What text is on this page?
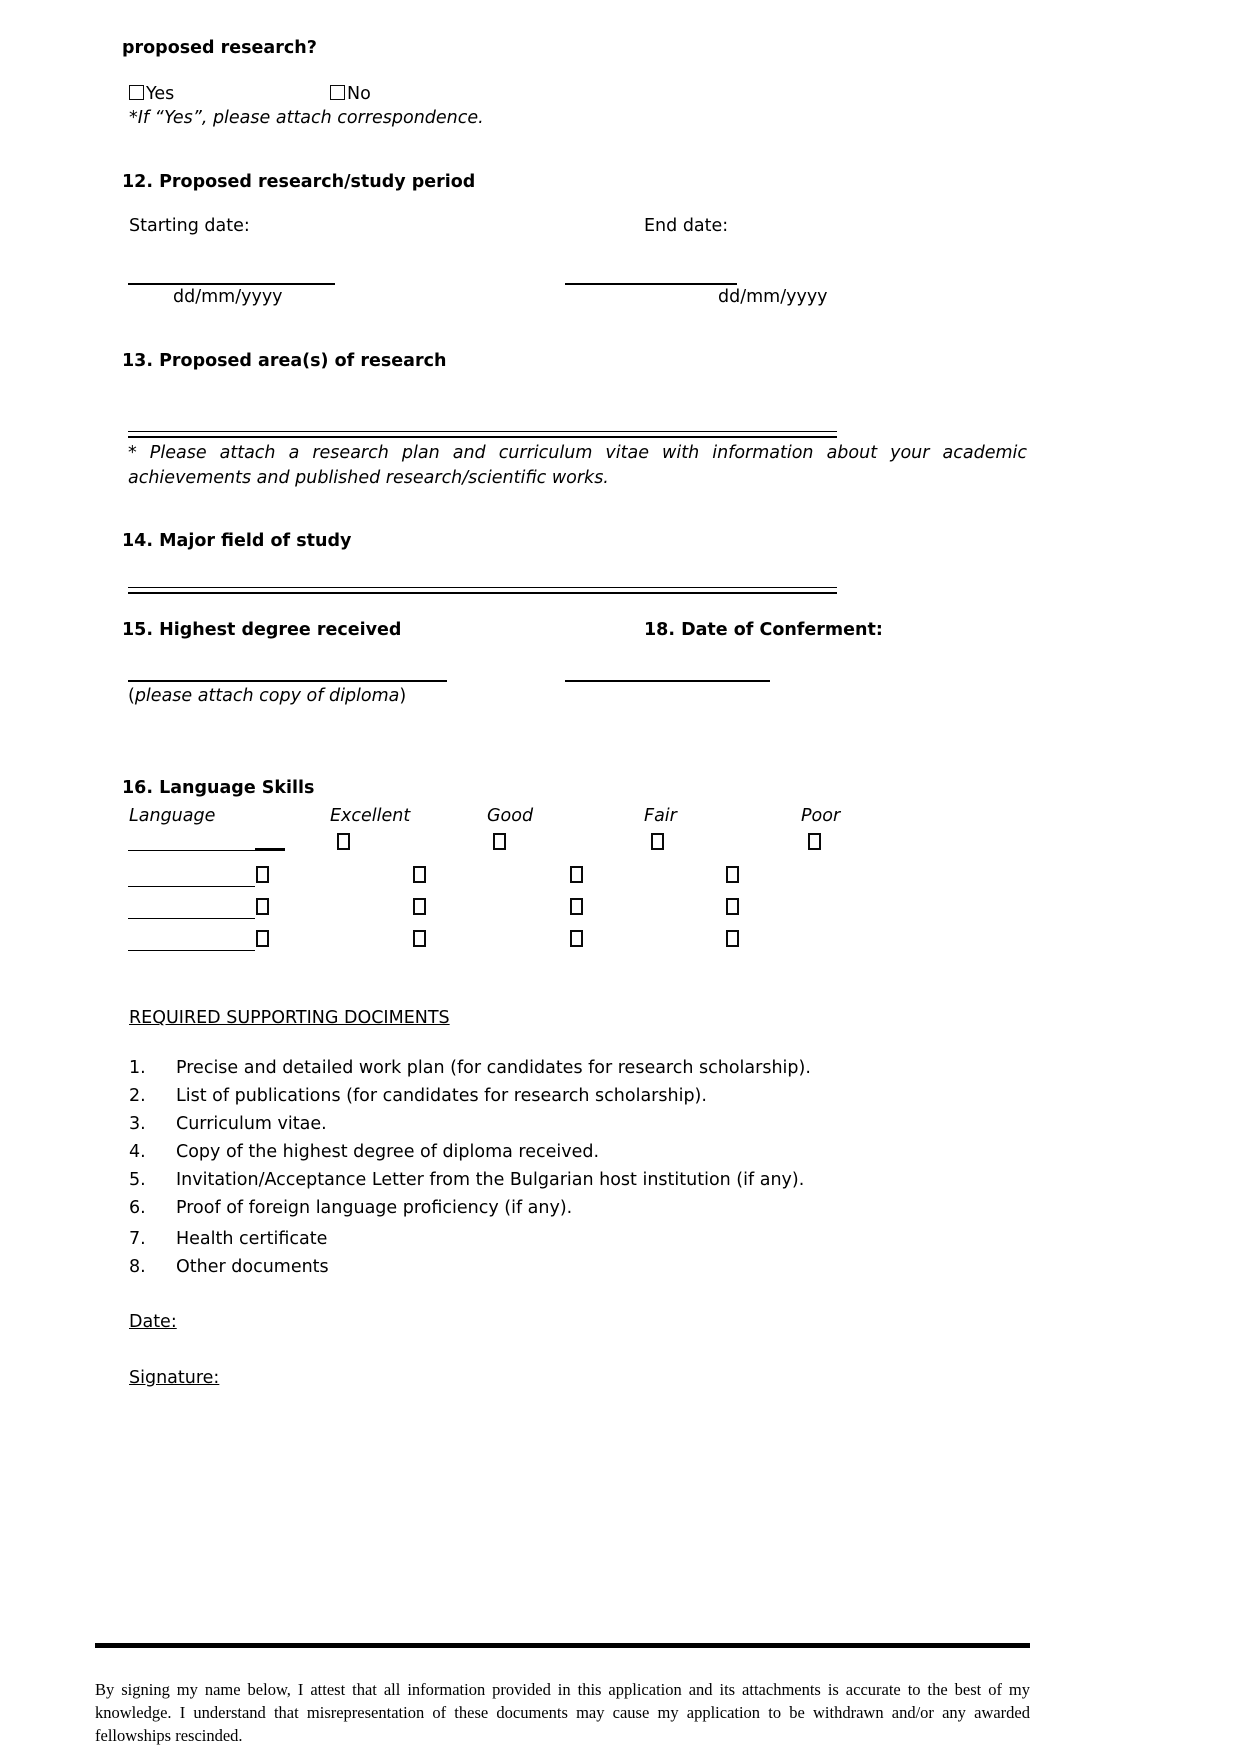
proposed research?
Yes	No
*If “Yes”, please attach correspondence.
12. Proposed research/study period
Starting date:	End date:
dd/mm/yyyy	dd/mm/yyyy
13. Proposed area(s) of research
* Please attach a research plan and curriculum vitae with information about your academic
achievements and published research/scientific works.
14. Major field of study
15. Highest degree received	18. Date of Conferment:
(please attach copy of diploma)
16. Language Skills
Language	Excellent	Good	Fair	Poor
REQUIRED SUPPORTING DOCIMENTS
1. Precise and detailed work plan (for candidates for research scholarship).
2. List of publications (for candidates for research scholarship).
3. Curriculum vitae.
4. Copy of the highest degree of diploma received.
5. Invitation/Acceptance Letter from the Bulgarian host institution (if any).
6. Proof of foreign language proficiency (if any).
7. Health certificate
8. Other documents
Date:
Signature:
By signing my name below, I attest that all information provided in this application and its attachments is accurate to the best of my
knowledge. I understand that misrepresentation of these documents may cause my application to be withdrawn and/or any awarded
fellowships rescinded.
